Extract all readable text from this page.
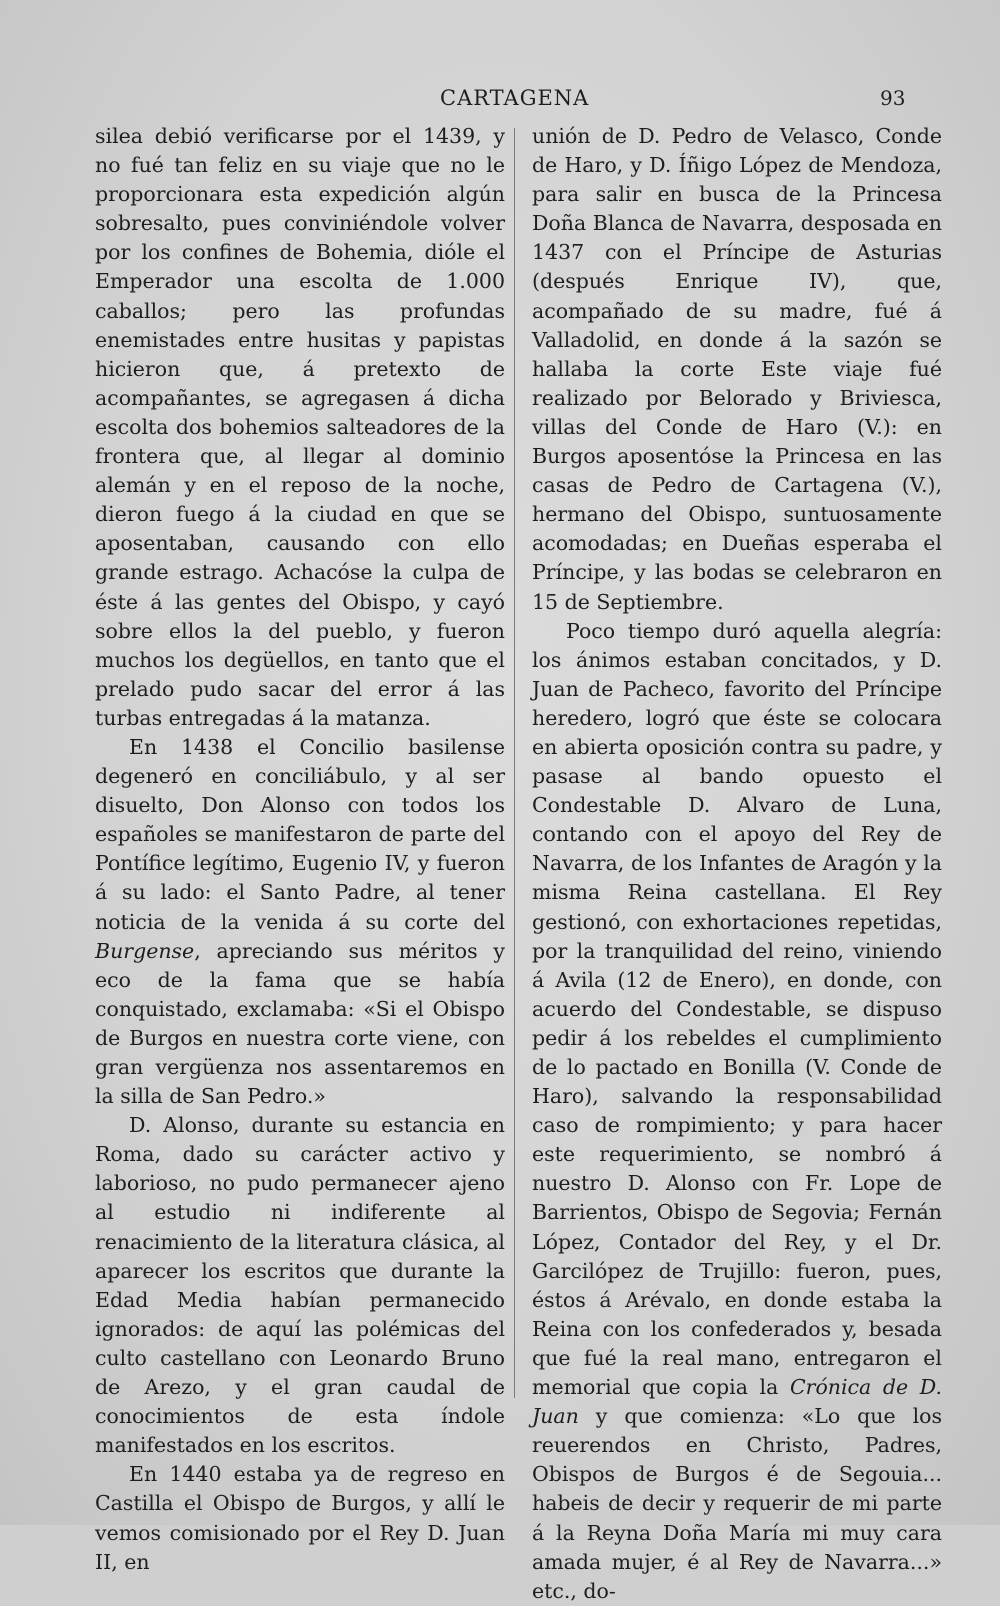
CARTAGENA	93

silea debió verificarse por el 1439, y no fué tan feliz en su viaje que no le proporcionara esta expedición algún sobresalto, pues conviniéndole volver por los confines de Bohemia, dióle el Emperador una escolta de 1.000 caballos; pero las profundas enemistades entre husitas y papistas hicieron que, á pretexto de acompañantes, se agregasen á dicha escolta dos bohemios salteadores de la frontera que, al llegar al dominio alemán y en el reposo de la noche, dieron fuego á la ciudad en que se aposentaban, causando con ello grande estrago. Achacóse la culpa de éste á las gentes del Obispo, y cayó sobre ellos la del pueblo, y fueron muchos los degüellos, en tanto que el prelado pudo sacar del error á las turbas entregadas á la matanza.

En 1438 el Concilio basilense degeneró en conciliábulo, y al ser disuelto, Don Alonso con todos los españoles se manifestaron de parte del Pontífice legítimo, Eugenio IV, y fueron á su lado: el Santo Padre, al tener noticia de la venida á su corte del Burgense, apreciando sus méritos y eco de la fama que se había conquistado, exclamaba: «Si el Obispo de Burgos en nuestra corte viene, con gran vergüenza nos assentaremos en la silla de San Pedro.»

D. Alonso, durante su estancia en Roma, dado su carácter activo y laborioso, no pudo permanecer ajeno al estudio ni indiferente al renacimiento de la literatura clásica, al aparecer los escritos que durante la Edad Media habían permanecido ignorados: de aquí las polémicas del culto castellano con Leonardo Bruno de Arezo, y el gran caudal de conocimientos de esta índole manifestados en los escritos.

En 1440 estaba ya de regreso en Castilla el Obispo de Burgos, y allí le vemos comisionado por el Rey D. Juan II, en

unión de D. Pedro de Velasco, Conde de Haro, y D. Íñigo López de Mendoza, para salir en busca de la Princesa Doña Blanca de Navarra, desposada en 1437 con el Príncipe de Asturias (después Enrique IV), que, acompañado de su madre, fué á Valladolid, en donde á la sazón se hallaba la corte Este viaje fué realizado por Belorado y Briviesca, villas del Conde de Haro (V.): en Burgos aposentóse la Princesa en las casas de Pedro de Cartagena (V.), hermano del Obispo, suntuosamente acomodadas; en Dueñas esperaba el Príncipe, y las bodas se celebraron en 15 de Septiembre.

Poco tiempo duró aquella alegría: los ánimos estaban concitados, y D. Juan de Pacheco, favorito del Príncipe heredero, logró que éste se colocara en abierta oposición contra su padre, y pasase al bando opuesto el Condestable D. Alvaro de Luna, contando con el apoyo del Rey de Navarra, de los Infantes de Aragón y la misma Reina castellana. El Rey gestionó, con exhortaciones repetidas, por la tranquilidad del reino, viniendo á Avila (12 de Enero), en donde, con acuerdo del Condestable, se dispuso pedir á los rebeldes el cumplimiento de lo pactado en Bonilla (V. Conde de Haro), salvando la responsabilidad caso de rompimiento; y para hacer este requerimiento, se nombró á nuestro D. Alonso con Fr. Lope de Barrientos, Obispo de Segovia; Fernán López, Contador del Rey, y el Dr. Garcilópez de Trujillo: fueron, pues, éstos á Arévalo, en donde estaba la Reina con los confederados y, besada que fué la real mano, entregaron el memorial que copia la Crónica de D. Juan y que comienza: «Lo que los reuerendos en Christo, Padres, Obispos de Burgos é de Segouia... habeis de decir y requerir de mi parte á la Reyna Doña María mi muy cara amada mujer, é al Rey de Navarra...» etc., do-
